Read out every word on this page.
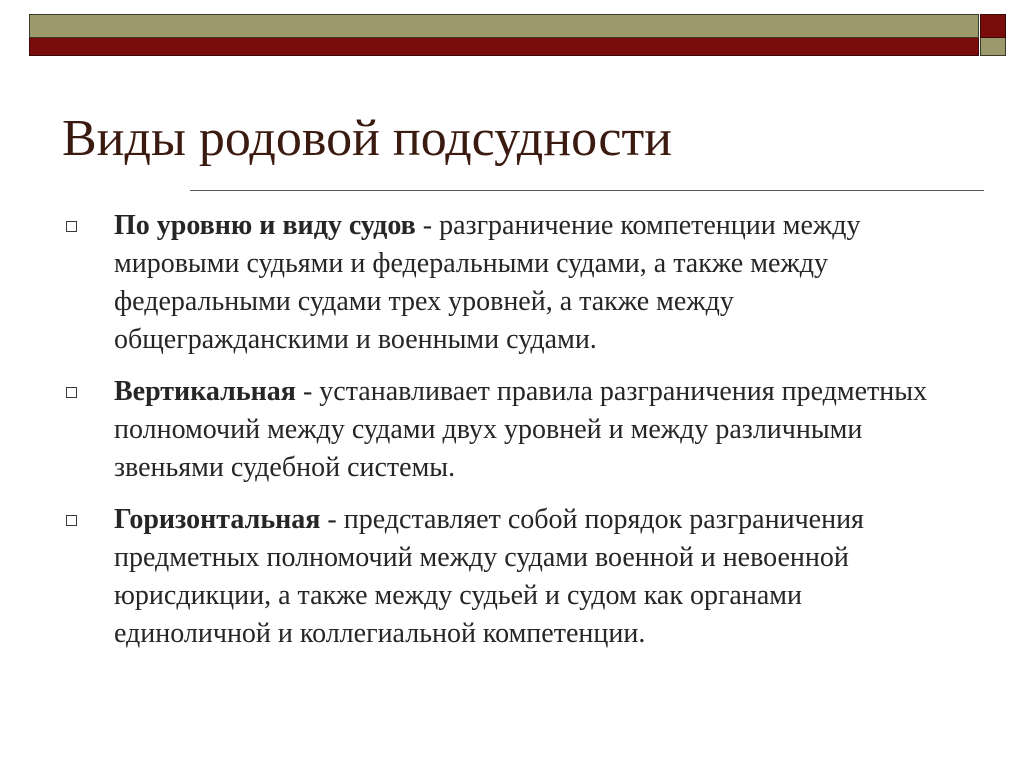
Виды родовой подсудности
По уровню и виду судов - разграничение компетенции между мировыми судьями и федеральными судами, а также между федеральными судами трех уровней, а также между общегражданскими и военными судами.
Вертикальная - устанавливает правила разграничения предметных полномочий между судами двух уровней и между различными звеньями судебной системы.
Горизонтальная - представляет собой порядок разграничения предметных полномочий между судами военной и невоенной юрисдикции, а также между судьей и судом как органами единоличной и коллегиальной компетенции.
